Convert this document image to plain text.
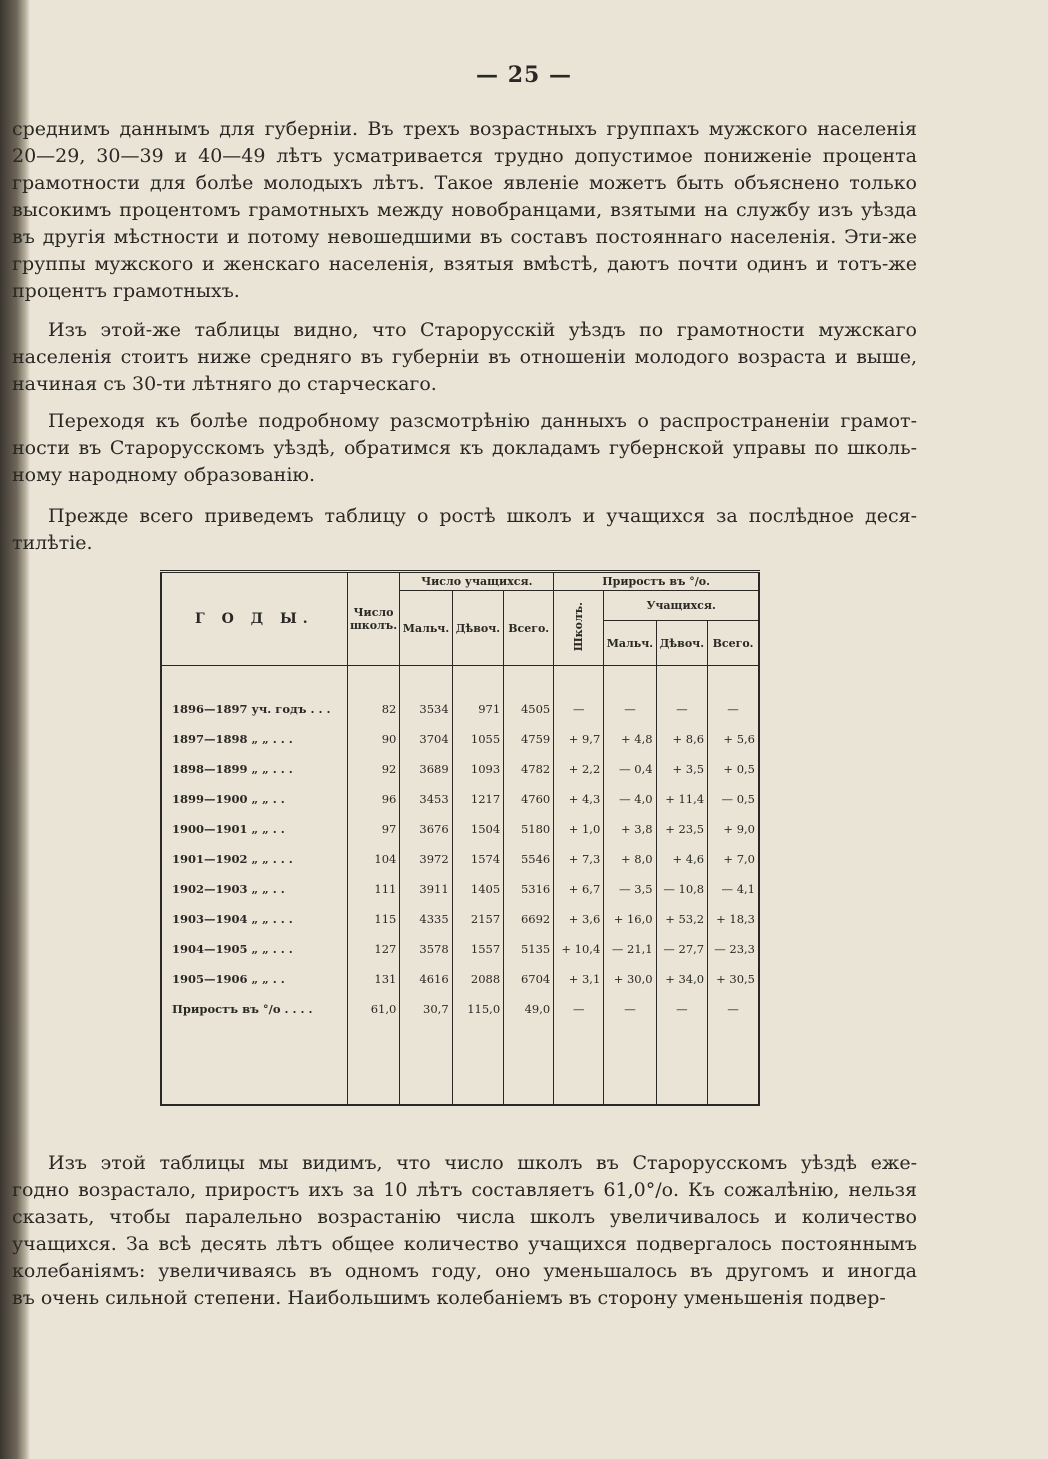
— 25 —
среднимъ даннымъ для губерніи. Въ трехъ возрастныхъ группахъ мужского населенія
20—29, 30—39 и 40—49 лѣтъ усматривается трудно допустимое пониженіе процента
грамотности для болѣе молодыхъ лѣтъ. Такое явленіе можетъ быть объяснено только
высокимъ процентомъ грамотныхъ между новобранцами, взятыми на службу изъ уѣзда
въ другія мѣстности и потому невошедшими въ составъ постояннаго населенія. Эти-же
группы мужского и женскаго населенія, взятыя вмѣстѣ, даютъ почти одинъ и тотъ-же
процентъ грамотныхъ.
Изъ этой-же таблицы видно, что Старорусскій уѣздъ по грамотности мужскаго
населенія стоитъ ниже средняго въ губерніи въ отношеніи молодого возраста и выше,
начиная съ 30-ти лѣтняго до старческаго.
Переходя къ болѣе подробному разсмотрѣнію данныхъ о распространеніи грамот-
ности въ Старорусскомъ уѣздѣ, обратимся къ докладамъ губернской управы по школь-
ному народному образованію.
Прежде всего приведемъ таблицу о ростѣ школъ и учащихся за послѣдное деся-
тилѣтіе.
Г О Д Ы.	Число школъ.	Число учащихся.			Приростъ въ °/о.			
		Мальч.	Дѣвоч.	Всего.	Школъ.	Учащихся.		
						Мальч.	Дѣвоч.	Всего.

1896—1897 уч. годъ . . .	82	3534	971	4505	—	—	—	—
1897—1898 „ „ . . .	90	3704	1055	4759	+ 9,7	+ 4,8	+ 8,6	+ 5,6
1898—1899 „ „ . . .	92	3689	1093	4782	+ 2,2	— 0,4	+ 3,5	+ 0,5
1899—1900 „ „ . .	96	3453	1217	4760	+ 4,3	— 4,0	+ 11,4	— 0,5
1900—1901 „ „ . .	97	3676	1504	5180	+ 1,0	+ 3,8	+ 23,5	+ 9,0
1901—1902 „ „ . . .	104	3972	1574	5546	+ 7,3	+ 8,0	+ 4,6	+ 7,0
1902—1903 „ „ . .	111	3911	1405	5316	+ 6,7	— 3,5	— 10,8	— 4,1
1903—1904 „ „ . . .	115	4335	2157	6692	+ 3,6	+ 16,0	+ 53,2	+ 18,3
1904—1905 „ „ . . .	127	3578	1557	5135	+ 10,4	— 21,1	— 27,7	— 23,3
1905—1906 „ „ . .	131	4616	2088	6704	+ 3,1	+ 30,0	+ 34,0	+ 30,5
Приростъ въ °/о . . . .	61,0	30,7	115,0	49,0	—	—	—	—

Изъ этой таблицы мы видимъ, что число школъ въ Старорусскомъ уѣздѣ еже-
годно возрастало, приростъ ихъ за 10 лѣтъ составляетъ 61,0°/о. Къ сожалѣнію, нельзя
сказать, чтобы паралельно возрастанію числа школъ увеличивалось и количество
учащихся. За всѣ десять лѣтъ общее количество учащихся подвергалось постояннымъ
колебаніямъ: увеличиваясь въ одномъ году, оно уменьшалось въ другомъ и иногда
въ очень сильной степени. Наибольшимъ колебаніемъ въ сторону уменьшенія подвер-
